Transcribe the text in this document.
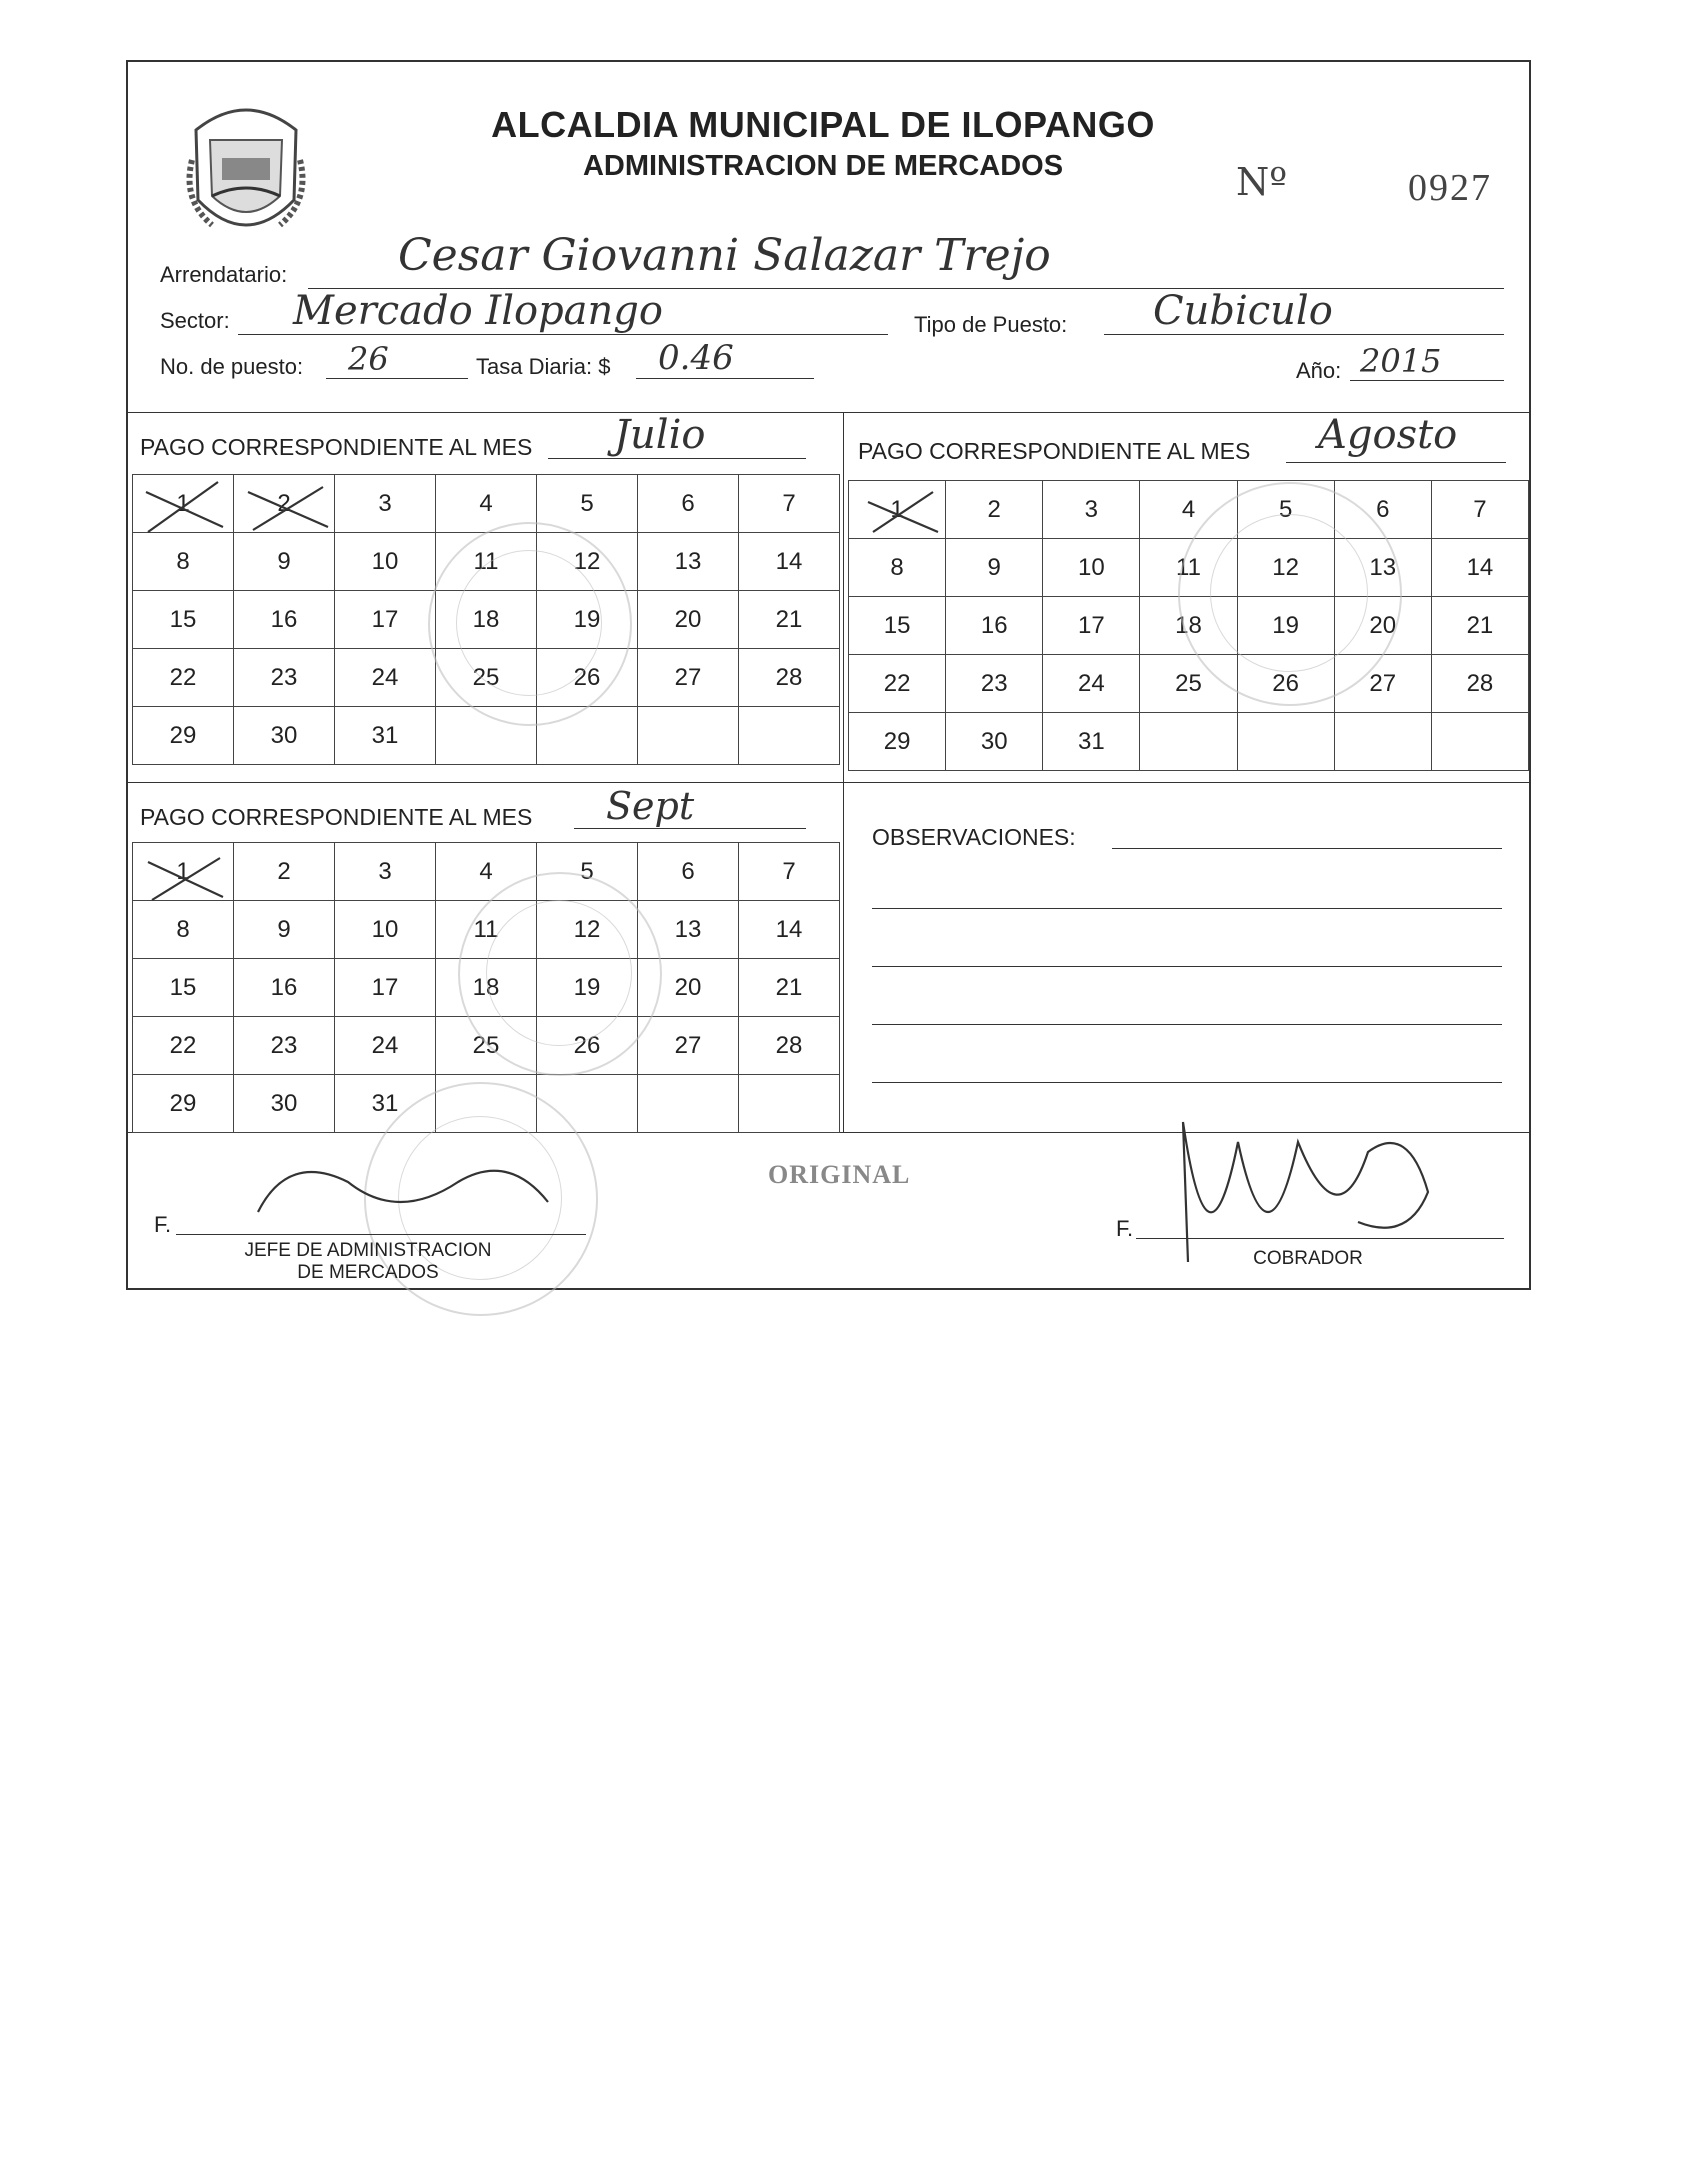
ALCALDIA MUNICIPAL DE ILOPANGO
ADMINISTRACION DE MERCADOS	Nº	0927
Arrendatario:	Cesar Giovanni Salazar Trejo
Sector: Mercado Ilopango	Tipo de Puesto: Cubiculo
No. de puesto: 26	Tasa Diaria: $ 0.46	Año: 2015
PAGO CORRESPONDIENTE AL MES Julio
1	2	3	4	5	6	7
8	9	10	11	12	13	14
15	16	17	18	19	20	21
22	23	24	25	26	27	28
29	30	31				
PAGO CORRESPONDIENTE AL MES Agosto
1	2	3	4	5	6	7
8	9	10	11	12	13	14
15	16	17	18	19	20	21
22	23	24	25	26	27	28
29	30	31				
PAGO CORRESPONDIENTE AL MES Sept
1	2	3	4	5	6	7
8	9	10	11	12	13	14
15	16	17	18	19	20	21
22	23	24	25	26	27	28
29	30	31				
OBSERVACIONES:
ORIGINAL
F.
JEFE DE ADMINISTRACION
DE MERCADOS
F.
COBRADOR
